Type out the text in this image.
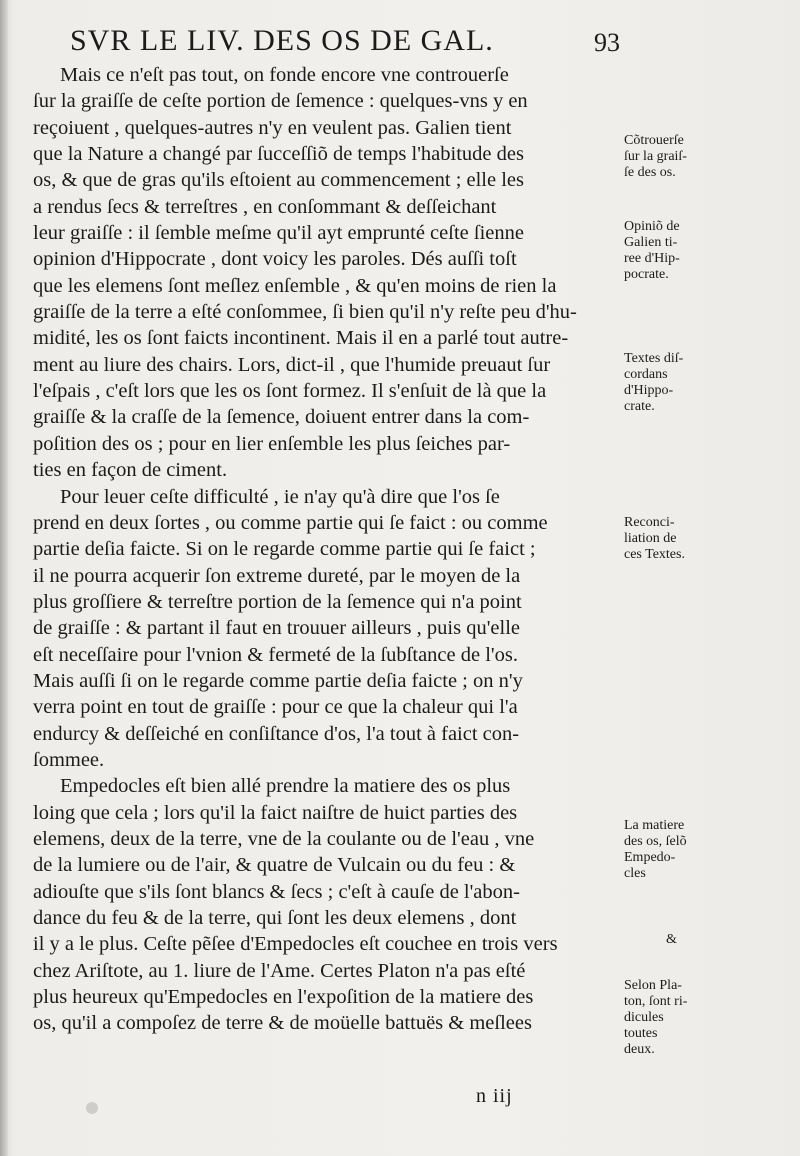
SVR LE LIV. DES OS DE GAL.	93
Mais ce n'eſt pas tout, on fonde encore vne controuerſe
ſur la graiſſe de ceſte portion de ſemence : quelques-vns y en
reçoiuent , quelques-autres n'y en veulent pas. Galien tient
que la Nature a changé par ſucceſſiõ de temps l'habitude des
os, & que de gras qu'ils eſtoient au commencement ; elle les
a rendus ſecs & terreſtres , en conſommant & deſſeichant
leur graiſſe : il ſemble meſme qu'il ayt emprunté ceſte ſienne
opinion d'Hippocrate , dont voicy les paroles. Dés auſſi toſt
que les elemens ſont meſlez enſemble , & qu'en moins de rien la
graiſſe de la terre a eſté conſommee, ſi bien qu'il n'y reſte peu d'hu-
midité, les os ſont faicts incontinent. Mais il en a parlé tout autre-
ment au liure des chairs. Lors, dict-il , que l'humide preuaut ſur
l'eſpais , c'eſt lors que les os ſont formez. Il s'enſuit de là que la
graiſſe & la craſſe de la ſemence, doiuent entrer dans la com-
poſition des os ; pour en lier enſemble les plus ſeiches par-
ties en façon de ciment.
Pour leuer ceſte difficulté , ie n'ay qu'à dire que l'os ſe
prend en deux ſortes , ou comme partie qui ſe faict : ou comme
partie deſia faicte. Si on le regarde comme partie qui ſe faict ;
il ne pourra acquerir ſon extreme dureté, par le moyen de la
plus groſſiere & terreſtre portion de la ſemence qui n'a point
de graiſſe : & partant il faut en trouuer ailleurs , puis qu'elle
eſt neceſſaire pour l'vnion & fermeté de la ſubſtance de l'os.
Mais auſſi ſi on le regarde comme partie deſia faicte ; on n'y
verra point en tout de graiſſe : pour ce que la chaleur qui l'a
endurcy & deſſeiché en conſiſtance d'os, l'a tout à faict con-
ſommee.
Empedocles eſt bien allé prendre la matiere des os plus
loing que cela ; lors qu'il la faict naiſtre de huict parties des
elemens, deux de la terre, vne de la coulante ou de l'eau , vne
de la lumiere ou de l'air, & quatre de Vulcain ou du feu : &
adiouſte que s'ils ſont blancs & ſecs ; c'eſt à cauſe de l'abon-
dance du feu & de la terre, qui ſont les deux elemens , dont
il y a le plus. Ceſte pẽſee d'Empedocles eſt couchee en trois vers
chez Ariſtote, au 1. liure de l'Ame. Certes Platon n'a pas eſté
plus heureux qu'Empedocles en l'expoſition de la matiere des
os, qu'il a compoſez de terre & de moüelle battuës & meſlees
Cõtrouerſe
ſur la graiſ-
ſe des os.
Opiniõ de
Galien ti-
ree d'Hip-
pocrate.
Textes diſ-
cordans
d'Hippo-
crate.
Reconci-
liation de
ces Textes.
La matiere
des os, ſelõ
Empedo-
cles
&
Selon Pla-
ton, ſont ri-
dicules
toutes
deux.
n iij
